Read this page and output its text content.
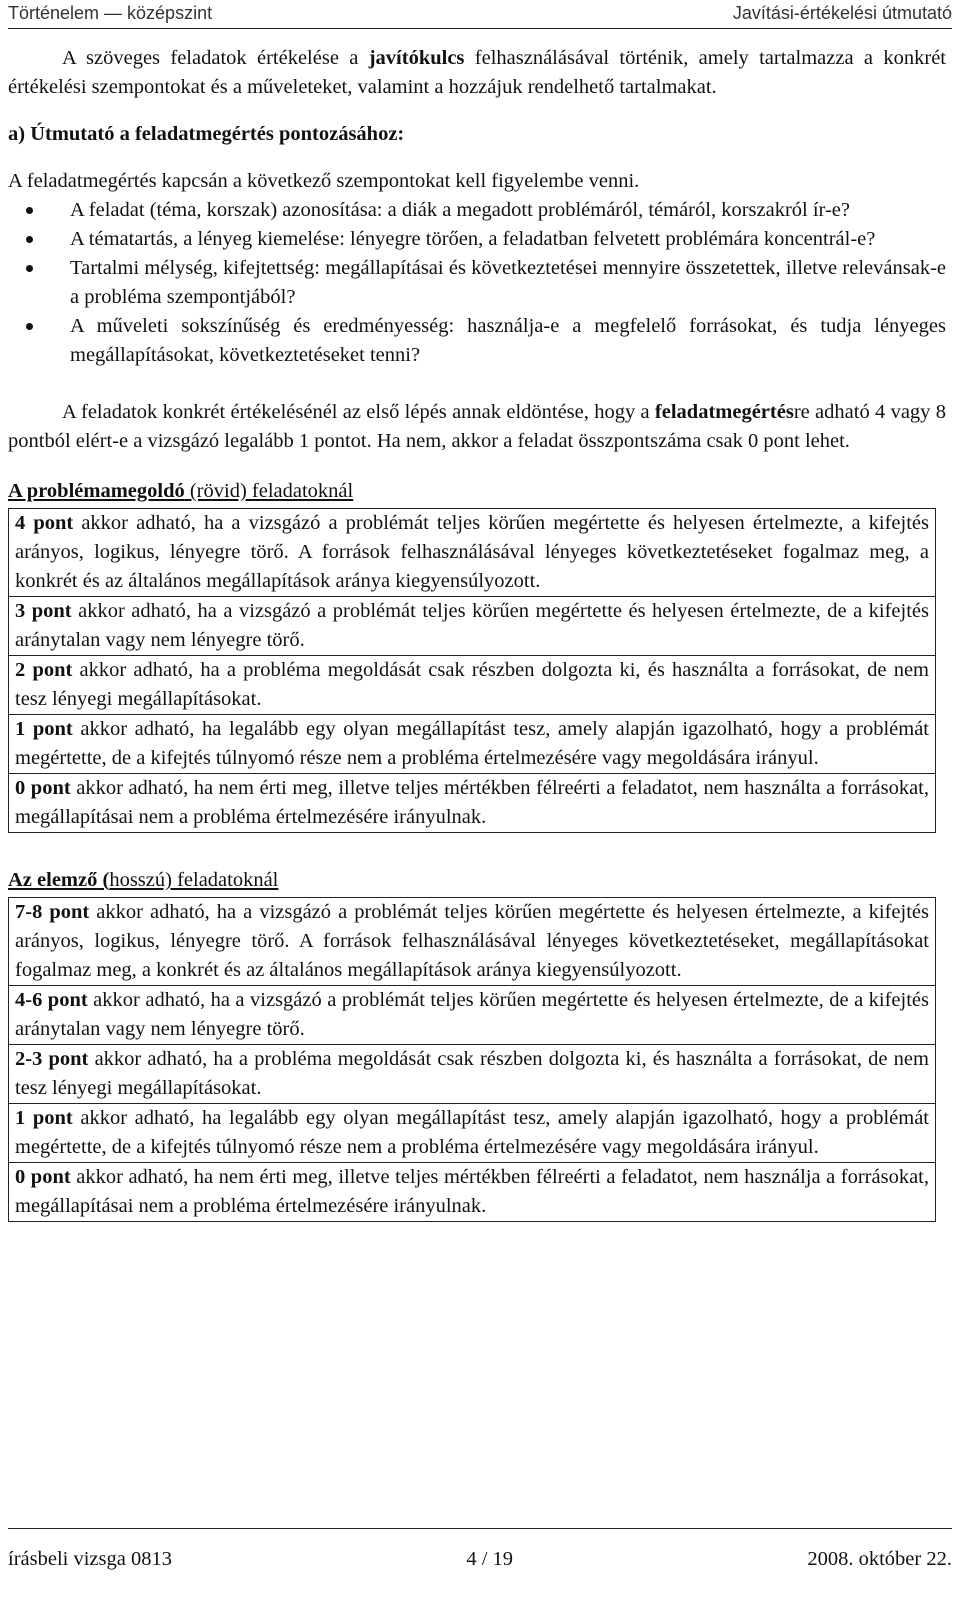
Történelem — középszint	Javítási-értékelési útmutató

A szöveges feladatok értékelése a javítókulcs felhasználásával történik, amely tartalmazza a konkrét értékelési szempontokat és a műveleteket, valamint a hozzájuk rendelhető tartalmakat.

a) Útmutató a feladatmegértés pontozásához:

A feladatmegértés kapcsán a következő szempontokat kell figyelembe venni.

A feladat (téma, korszak) azonosítása: a diák a megadott problémáról, témáról, korszakról ír-e?
A tématartás, a lényeg kiemelése: lényegre törően, a feladatban felvetett problémára koncentrál-e?
Tartalmi mélység, kifejtettség: megállapításai és következtetései mennyire összetettek, illetve relevánsak-e a probléma szempontjából?
A műveleti sokszínűség és eredményesség: használja-e a megfelelő forrásokat, és tudja lényeges megállapításokat, következtetéseket tenni?

A feladatok konkrét értékelésénél az első lépés annak eldöntése, hogy a feladatmegértésre adható 4 vagy 8 pontból elért-e a vizsgázó legalább 1 pontot. Ha nem, akkor a feladat összpontszáma csak 0 pont lehet.

A problémamegoldó (rövid) feladatoknál

4 pont akkor adható, ha a vizsgázó a problémát teljes körűen megértette és helyesen értelmezte, a kifejtés arányos, logikus, lényegre törő. A források felhasználásával lényeges következtetéseket fogalmaz meg, a konkrét és az általános megállapítások aránya kiegyensúlyozott.
3 pont akkor adható, ha a vizsgázó a problémát teljes körűen megértette és helyesen értelmezte, de a kifejtés aránytalan vagy nem lényegre törő.
2 pont akkor adható, ha a probléma megoldását csak részben dolgozta ki, és használta a forrásokat, de nem tesz lényegi megállapításokat.
1 pont akkor adható, ha legalább egy olyan megállapítást tesz, amely alapján igazolható, hogy a problémát megértette, de a kifejtés túlnyomó része nem a probléma értelmezésére vagy megoldására irányul.
0 pont akkor adható, ha nem érti meg, illetve teljes mértékben félreérti a feladatot, nem használta a forrásokat, megállapításai nem a probléma értelmezésére irányulnak.

Az elemző (hosszú) feladatoknál

7-8 pont akkor adható, ha a vizsgázó a problémát teljes körűen megértette és helyesen értelmezte, a kifejtés arányos, logikus, lényegre törő. A források felhasználásával lényeges következtetéseket, megállapításokat fogalmaz meg, a konkrét és az általános megállapítások aránya kiegyensúlyozott.
4-6 pont akkor adható, ha a vizsgázó a problémát teljes körűen megértette és helyesen értelmezte, de a kifejtés aránytalan vagy nem lényegre törő.
2-3 pont akkor adható, ha a probléma megoldását csak részben dolgozta ki, és használta a forrásokat, de nem tesz lényegi megállapításokat.
1 pont akkor adható, ha legalább egy olyan megállapítást tesz, amely alapján igazolható, hogy a problémát megértette, de a kifejtés túlnyomó része nem a probléma értelmezésére vagy megoldására irányul.
0 pont akkor adható, ha nem érti meg, illetve teljes mértékben félreérti a feladatot, nem használja a forrásokat, megállapításai nem a probléma értelmezésére irányulnak.
írásbeli vizsga 0813	4 / 19	2008. október 22.
